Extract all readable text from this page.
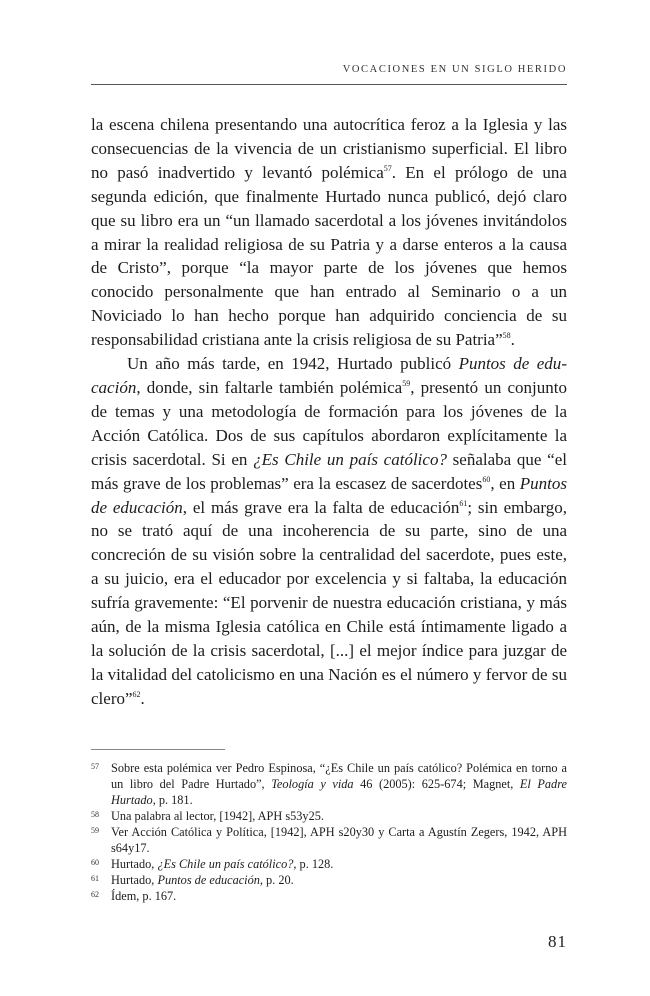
VOCACIONES EN UN SIGLO HERIDO

la escena chilena presentando una autocrítica feroz a la Iglesia y las consecuencias de la vivencia de un cristianismo superficial. El libro no pasó inadvertido y levantó polémica$^{57}$. En el prólogo de una segunda edición, que finalmente Hurtado nunca publicó, dejó claro que su libro era un “un llamado sacerdotal a los jóvenes invitándolos a mirar la realidad religiosa de su Patria y a darse enteros a la causa de Cristo”, porque “la mayor parte de los jóvenes que hemos conocido personalmente que han entrado al Seminario o a un Noviciado lo han hecho porque han adquirido conciencia de su responsabilidad cristiana ante la crisis religiosa de su Patria”$^{58}$.

Un año más tarde, en 1942, Hurtado publicó Puntos de educación, donde, sin faltarle también polémica$^{59}$, presentó un conjunto de temas y una metodología de formación para los jóvenes de la Acción Católica. Dos de sus capítulos abordaron explícitamente la crisis sacerdotal. Si en ¿Es Chile un país católico? señalaba que “el más grave de los problemas” era la escasez de sacerdotes$^{60}$, en Puntos de educación, el más grave era la falta de educación$^{61}$; sin embargo, no se trató aquí de una incoherencia de su parte, sino de una concreción de su visión sobre la centralidad del sacerdote, pues este, a su juicio, era el educador por excelencia y si faltaba, la educación sufría gravemente: “El porvenir de nuestra educación cristiana, y más aún, de la misma Iglesia católica en Chile está íntimamente ligado a la solución de la crisis sacerdotal, [...] el mejor índice para juzgar de la vitalidad del catolicismo en una Nación es el número y fervor de su clero”$^{62}$.

57 Sobre esta polémica ver Pedro Espinosa, “¿Es Chile un país católico? Polémica en torno a un libro del Padre Hurtado”, Teología y vida 46 (2005): 625-674; Magnet, El Padre Hurtado, p. 181.
58 Una palabra al lector, [1942], APH s53y25.
59 Ver Acción Católica y Política, [1942], APH s20y30 y Carta a Agustín Zegers, 1942, APH s64y17.
60 Hurtado, ¿Es Chile un país católico?, p. 128.
61 Hurtado, Puntos de educación, p. 20.
62 Ídem, p. 167.
81
